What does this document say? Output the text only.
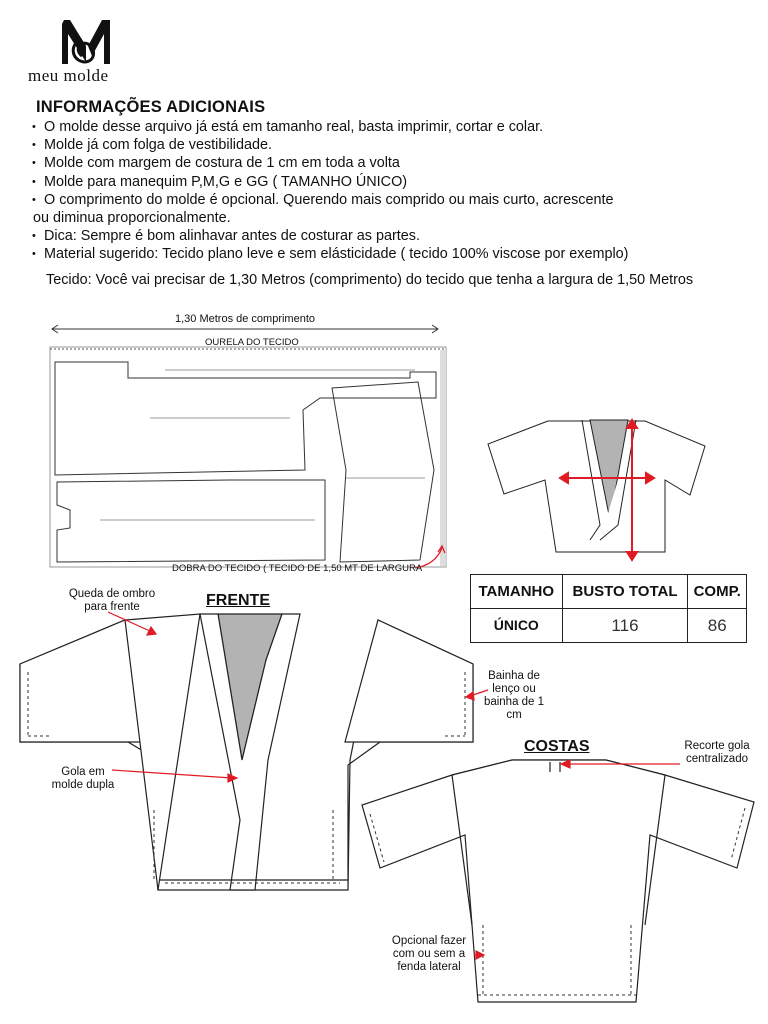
meu molde
INFORMAÇÕES ADICIONAIS
• O molde desse arquivo já está em tamanho real, basta imprimir, cortar e colar.
• Molde já com folga de vestibilidade.
• Molde com margem de costura de 1 cm em toda a volta
• Molde para manequim P,M,G e GG ( TAMANHO ÚNICO)
• O comprimento do molde é opcional. Querendo mais comprido ou mais curto, acrescente
ou diminua proporcionalmente.
• Dica: Sempre é bom alinhavar antes de costurar as partes.
• Material sugerido: Tecido plano leve e sem elásticidade ( tecido 100% viscose por exemplo)
Tecido: Você vai precisar de 1,30 Metros (comprimento) do tecido que tenha a largura de 1,50 Metros
1,30 Metros de comprimento
OURELA DO TECIDO
DOBRA DO TECIDO ( TECIDO DE 1,50 MT DE LARGURA
TAMANHO	BUSTO TOTAL	COMP.
ÚNICO	116	86
FRENTE
Queda de ombro para frente
Bainha de lenço ou bainha de 1 cm
Gola em molde dupla
COSTAS	Recorte gola centralizado
Opcional fazer com ou sem a fenda lateral
